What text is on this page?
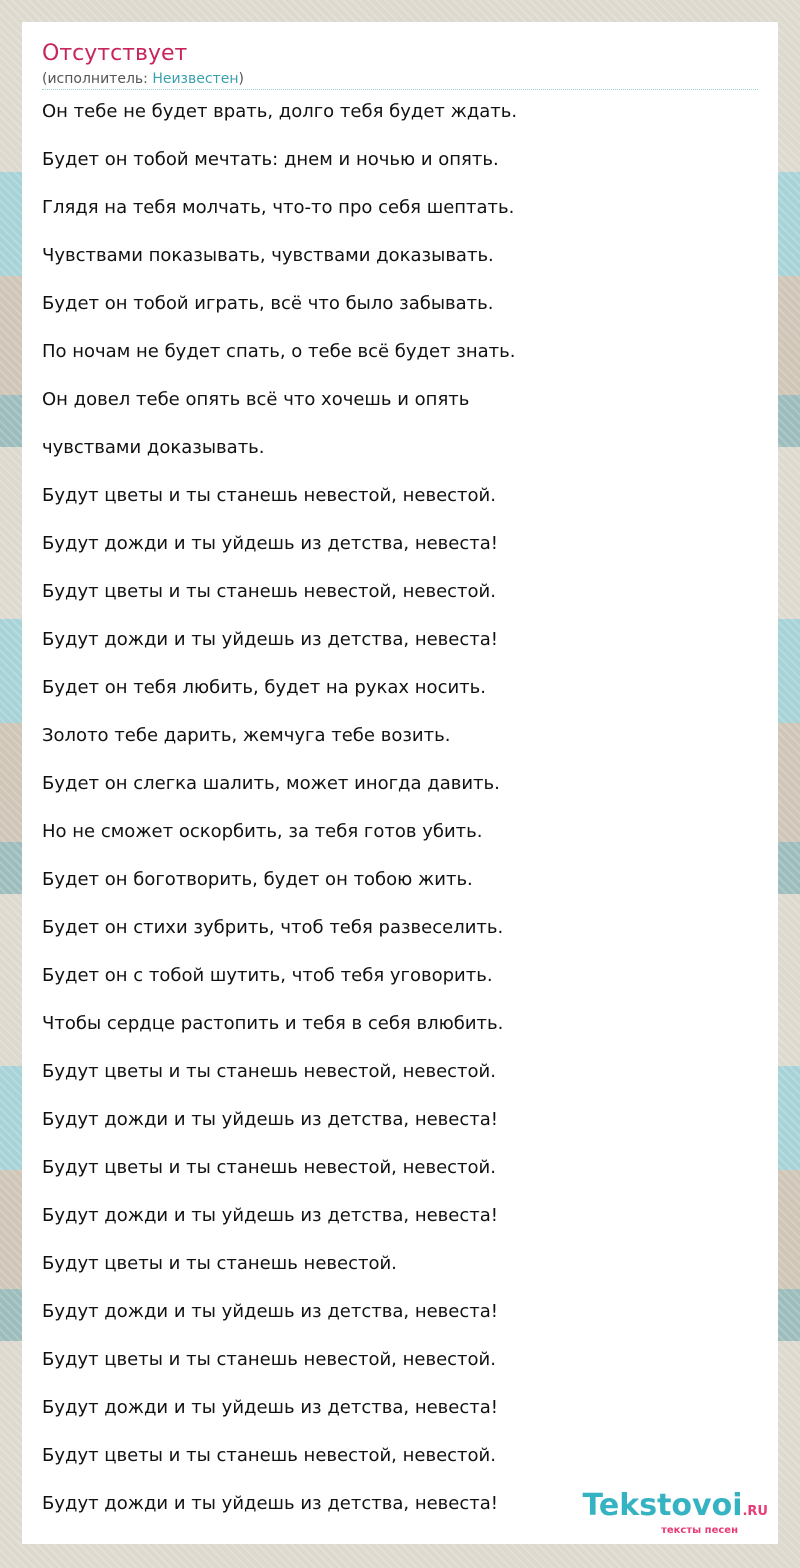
Отсутствует
(исполнитель: Неизвестен)
Он тебе не будет врать, долго тебя будет ждать.
Будет он тобой мечтать: днем и ночью и опять.
Глядя на тебя молчать, что-то про себя шептать.
Чувствами показывать, чувствами доказывать.
Будет он тобой играть, всё что было забывать.
По ночам не будет спать, о тебе всё будет знать.
Он довел тебе опять всё что хочешь и опять
чувствами доказывать.
Будут цветы и ты станешь невестой, невестой.
Будут дожди и ты уйдешь из детства, невеста!
Будут цветы и ты станешь невестой, невестой.
Будут дожди и ты уйдешь из детства, невеста!
Будет он тебя любить, будет на руках носить.
Золото тебе дарить, жемчуга тебе возить.
Будет он слегка шалить, может иногда давить.
Но не сможет оскорбить, за тебя готов убить.
Будет он боготворить, будет он тобою жить.
Будет он стихи зубрить, чтоб тебя развеселить.
Будет он с тобой шутить, чтоб тебя уговорить.
Чтобы сердце растопить и тебя в себя влюбить.
Будут цветы и ты станешь невестой, невестой.
Будут дожди и ты уйдешь из детства, невеста!
Будут цветы и ты станешь невестой, невестой.
Будут дожди и ты уйдешь из детства, невеста!
Будут цветы и ты станешь невестой.
Будут дожди и ты уйдешь из детства, невеста!
Будут цветы и ты станешь невестой, невестой.
Будут дожди и ты уйдешь из детства, невеста!
Будут цветы и ты станешь невестой, невестой.
Будут дожди и ты уйдешь из детства, невеста!	Tekstovoi.RU
тексты песен
